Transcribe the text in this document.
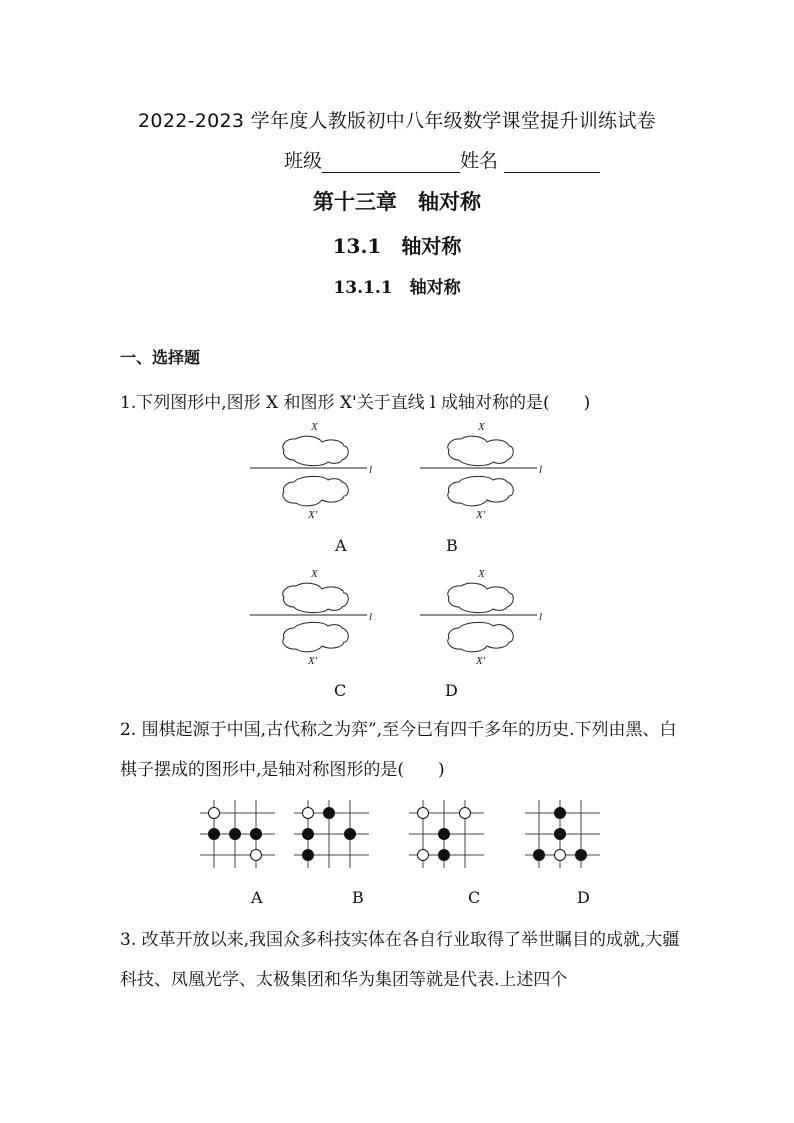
2022-2023 学年度人教版初中八年级数学课堂提升训练试卷
班级	姓名
第十三章　轴对称
13.1　轴对称
13.1.1　轴对称
一、选择题
1.下列图形中,图形 X 和图形 X'关于直线 l 成轴对称的是(　　)
X
X′
l
X
X′
l
X
X′
l
X
X′
l
A	B
C	D
2. 围棋起源于中国,古代称之为弈”,至今已有四千多年的历史.下列由黑、白棋子摆成的图形中,是轴对称图形的是(　　)
A	B	C	D
3. 改革开放以来,我国众多科技实体在各自行业取得了举世瞩目的成就,大疆科技、凤凰光学、太极集团和华为集团等就是代表.上述四个
